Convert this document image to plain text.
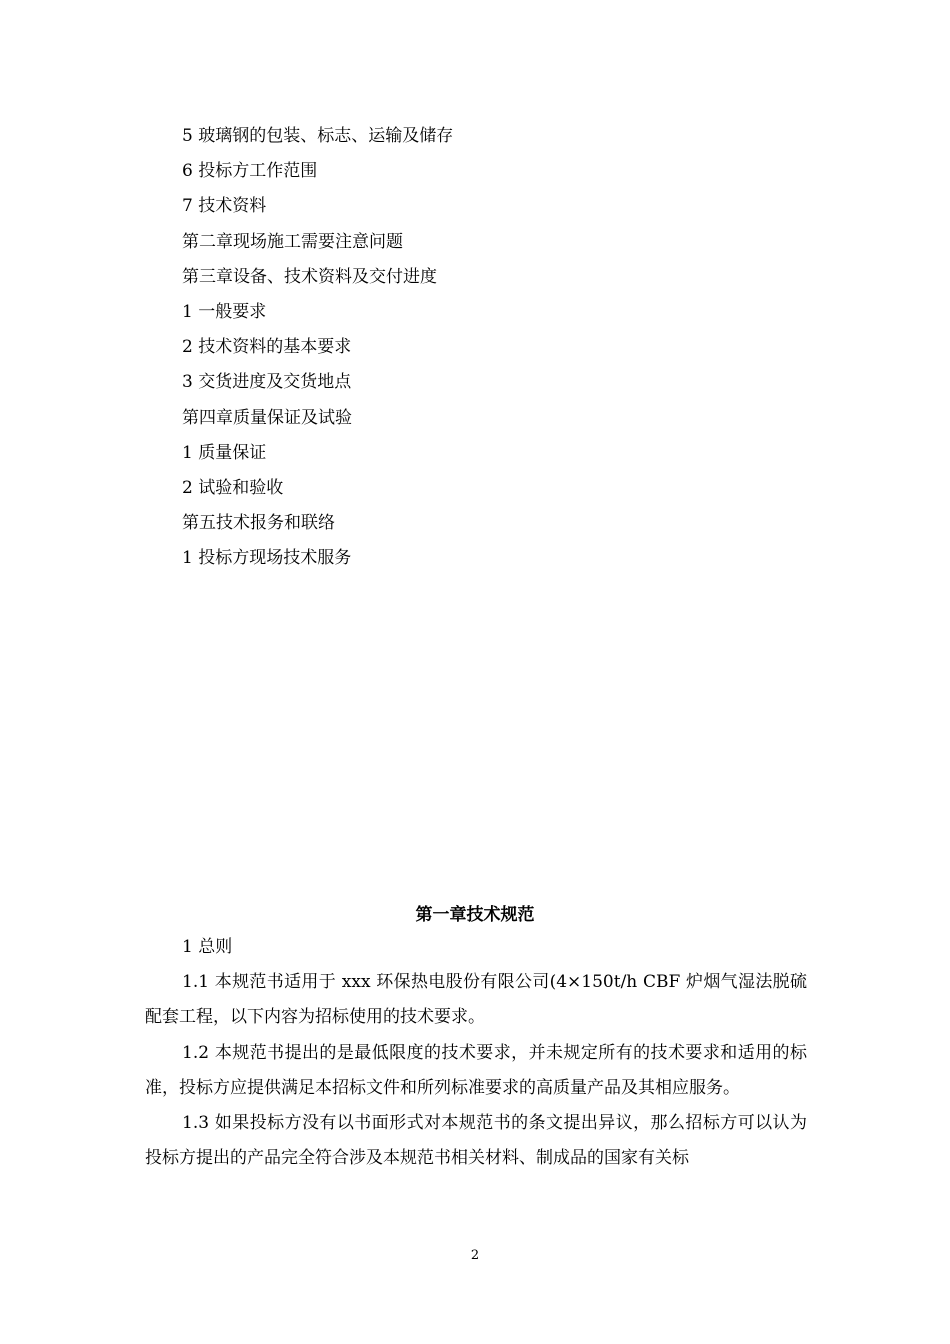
5 玻璃钢的包装、标志、运输及储存
6 投标方工作范围
7 技术资料
第二章现场施工需要注意问题
第三章设备、技术资料及交付进度
1 一般要求
2 技术资料的基本要求
3 交货进度及交货地点
第四章质量保证及试验
1 质量保证
2 试验和验收
第五技术报务和联络
1 投标方现场技术服务
第一章技术规范

1 总则

1.1 本规范书适用于 xxx 环保热电股份有限公司(4×150t/h CBF 炉烟气湿法脱硫配套工程，以下内容为招标使用的技术要求。

1.2 本规范书提出的是最低限度的技术要求，并未规定所有的技术要求和适用的标准，投标方应提供满足本招标文件和所列标准要求的高质量产品及其相应服务。

1.3 如果投标方没有以书面形式对本规范书的条文提出异议，那么招标方可以认为投标方提出的产品完全符合涉及本规范书相关材料、制成品的国家有关标

2
